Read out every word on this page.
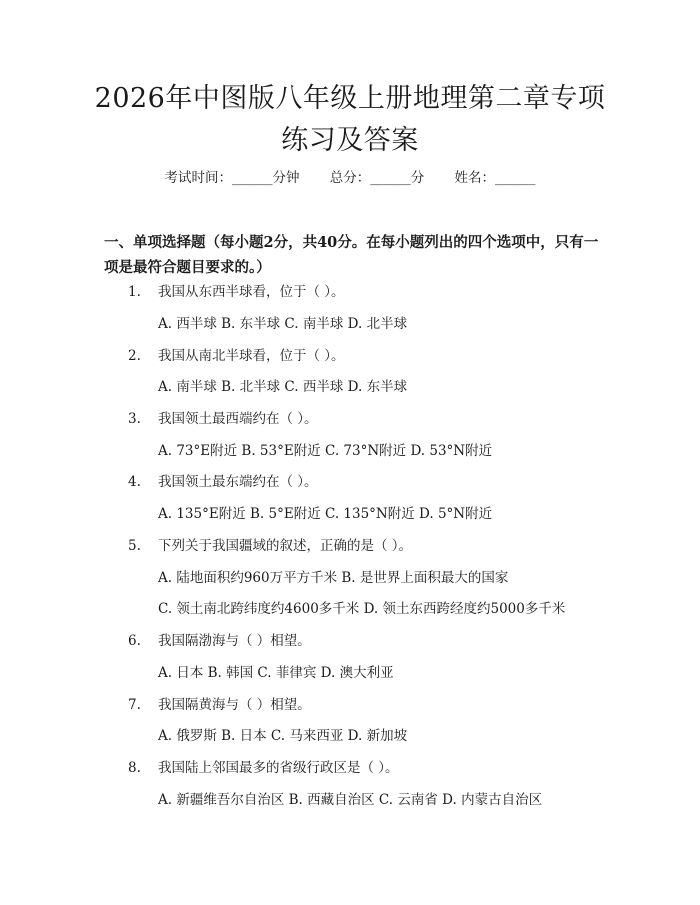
2026年中图版八年级上册地理第二章专项练习及答案
考试时间：______分钟 总分：______分 姓名：______

一、单项选择题（每小题2分，共40分。在每小题列出的四个选项中，只有一项是最符合题目要求的。）

1. 我国从东西半球看，位于（ ）。
A. 西半球 B. 东半球 C. 南半球 D. 北半球
2. 我国从南北半球看，位于（ ）。
A. 南半球 B. 北半球 C. 西半球 D. 东半球
3. 我国领土最西端约在（ ）。
A. 73°E附近 B. 53°E附近 C. 73°N附近 D. 53°N附近
4. 我国领土最东端约在（ ）。
A. 135°E附近 B. 5°E附近 C. 135°N附近 D. 5°N附近
5. 下列关于我国疆域的叙述，正确的是（ ）。
A. 陆地面积约960万平方千米 B. 是世界上面积最大的国家
C. 领土南北跨纬度约4600多千米 D. 领土东西跨经度约5000多千米
6. 我国隔渤海与（ ）相望。
A. 日本 B. 韩国 C. 菲律宾 D. 澳大利亚
7. 我国隔黄海与（ ）相望。
A. 俄罗斯 B. 日本 C. 马来西亚 D. 新加坡
8. 我国陆上邻国最多的省级行政区是（ ）。
A. 新疆维吾尔自治区 B. 西藏自治区 C. 云南省 D. 内蒙古自治区
